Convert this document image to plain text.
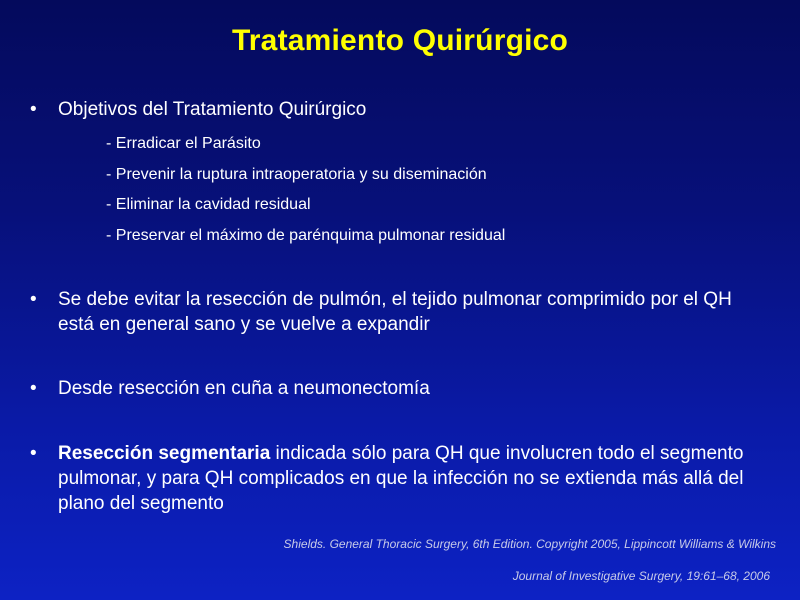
Tratamiento Quirúrgico
• Objetivos del Tratamiento Quirúrgico
- Erradicar el Parásito
- Prevenir la ruptura intraoperatoria y su diseminación
- Eliminar la cavidad residual
- Preservar el máximo de parénquima pulmonar residual
• Se debe evitar la resección de pulmón, el tejido pulmonar comprimido por el QH está en general sano y se vuelve a expandir
• Desde resección en cuña a neumonectomía
• Resección segmentaria indicada sólo para QH que involucren todo el segmento pulmonar, y para QH complicados en que la infección no se extienda más allá del plano del segmento
Shields. General Thoracic Surgery, 6th Edition. Copyright 2005, Lippincott Williams & Wilkins
Journal of Investigative Surgery, 19:61–68, 2006
